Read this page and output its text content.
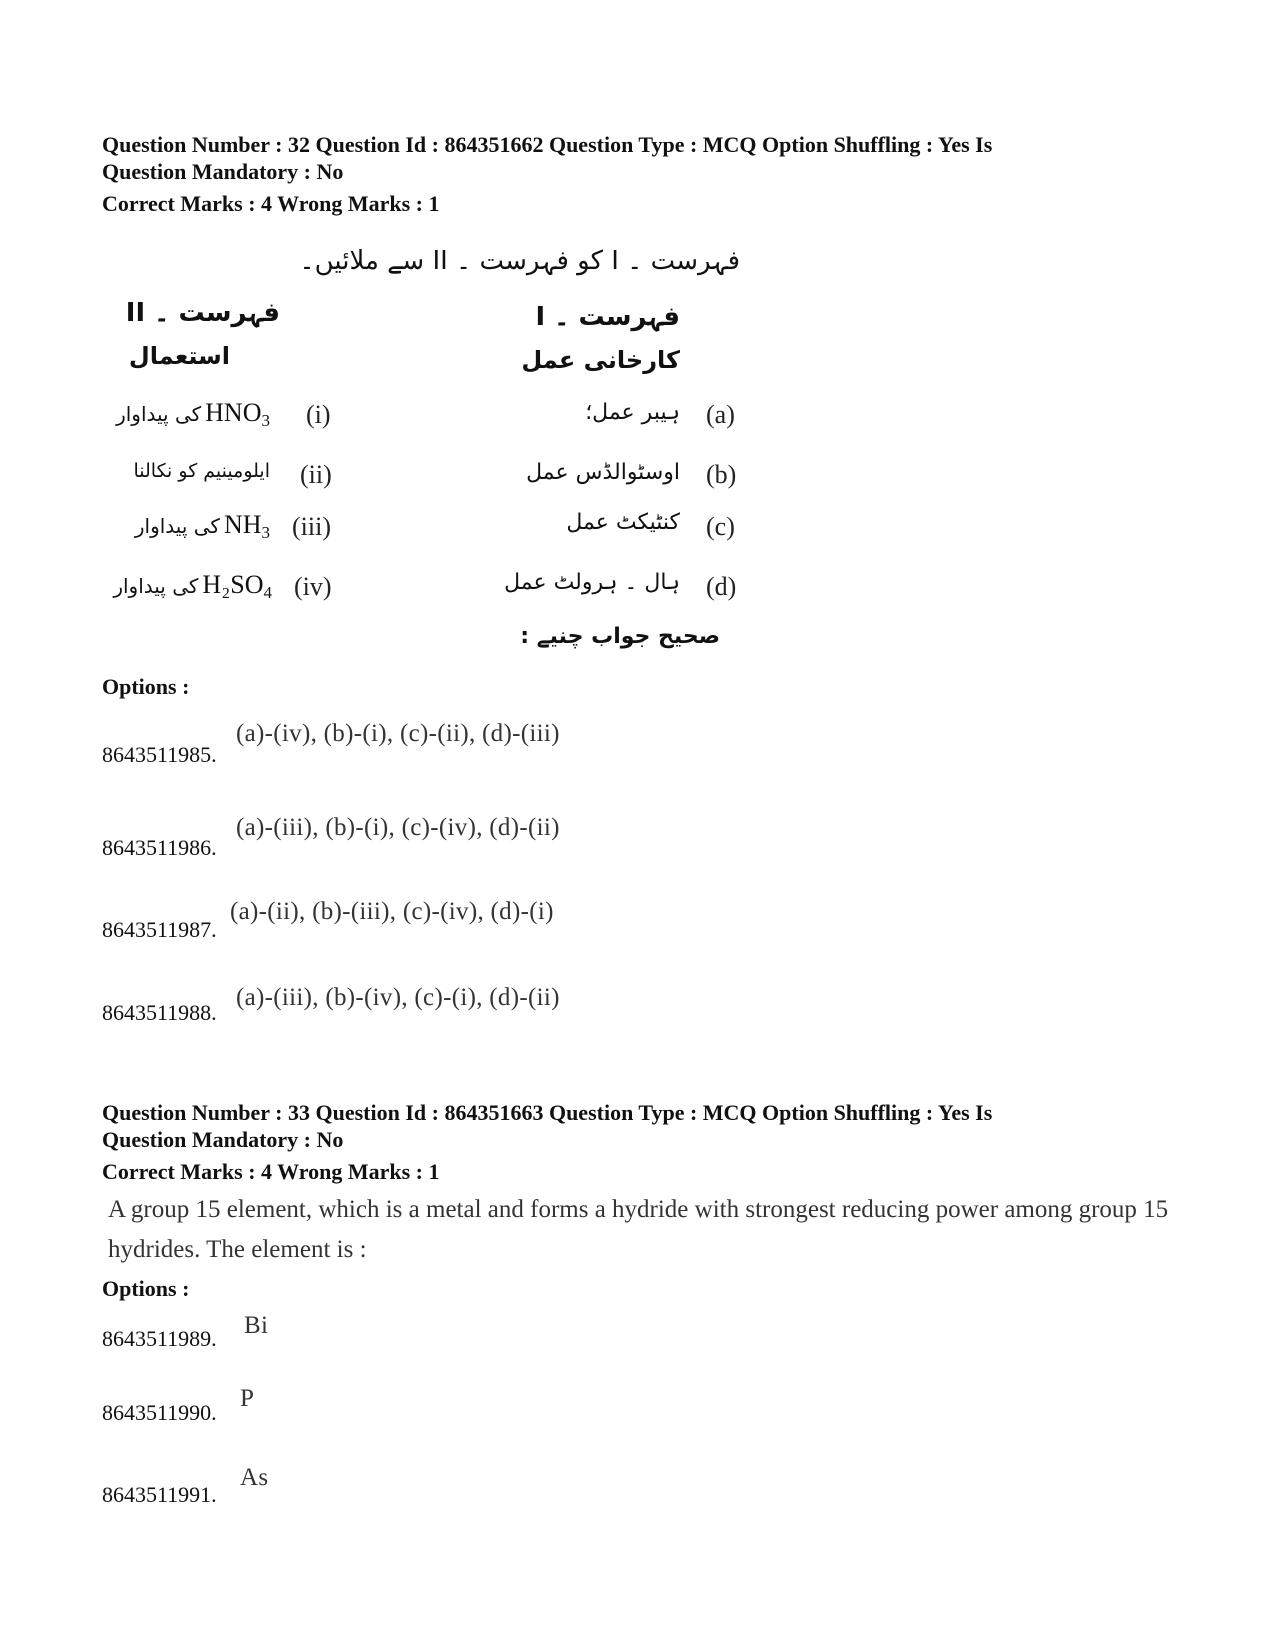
Question Number : 32 Question Id : 864351662 Question Type : MCQ Option Shuffling : Yes Is
Question Mandatory : No
Correct Marks : 4 Wrong Marks : 1
فہرست ۔ I کو فہرست ۔ II سے ملائیں۔
فہرست ۔ I
کارخانی عمل
(a)
ہیبر عمل؛
(b)
اوسٹوالڈس عمل
(c)
کنٹیکٹ عمل
(d)
ہال ۔ ہرولٹ عمل
فہرست ۔ II
استعمال
(i)
کی پیداوار $HNO_3$
(ii)
ایلومینیم کو نکالنا
(iii)
کی پیداوار $NH_3$
(iv)
کی پیداوار $H_2SO_4$
صحیح جواب چنیے :
Options :
8643511985.
(a)-(iv), (b)-(i), (c)-(ii), (d)-(iii)
8643511986.
(a)-(iii), (b)-(i), (c)-(iv), (d)-(ii)
8643511987.
(a)-(ii), (b)-(iii), (c)-(iv), (d)-(i)
8643511988.
(a)-(iii), (b)-(iv), (c)-(i), (d)-(ii)
Question Number : 33 Question Id : 864351663 Question Type : MCQ Option Shuffling : Yes Is
Question Mandatory : No
Correct Marks : 4 Wrong Marks : 1
A group 15 element, which is a metal and forms a hydride with strongest reducing power among group 15 hydrides. The element is :
Options :
8643511989. Bi
8643511990.
P
8643511991.
As
